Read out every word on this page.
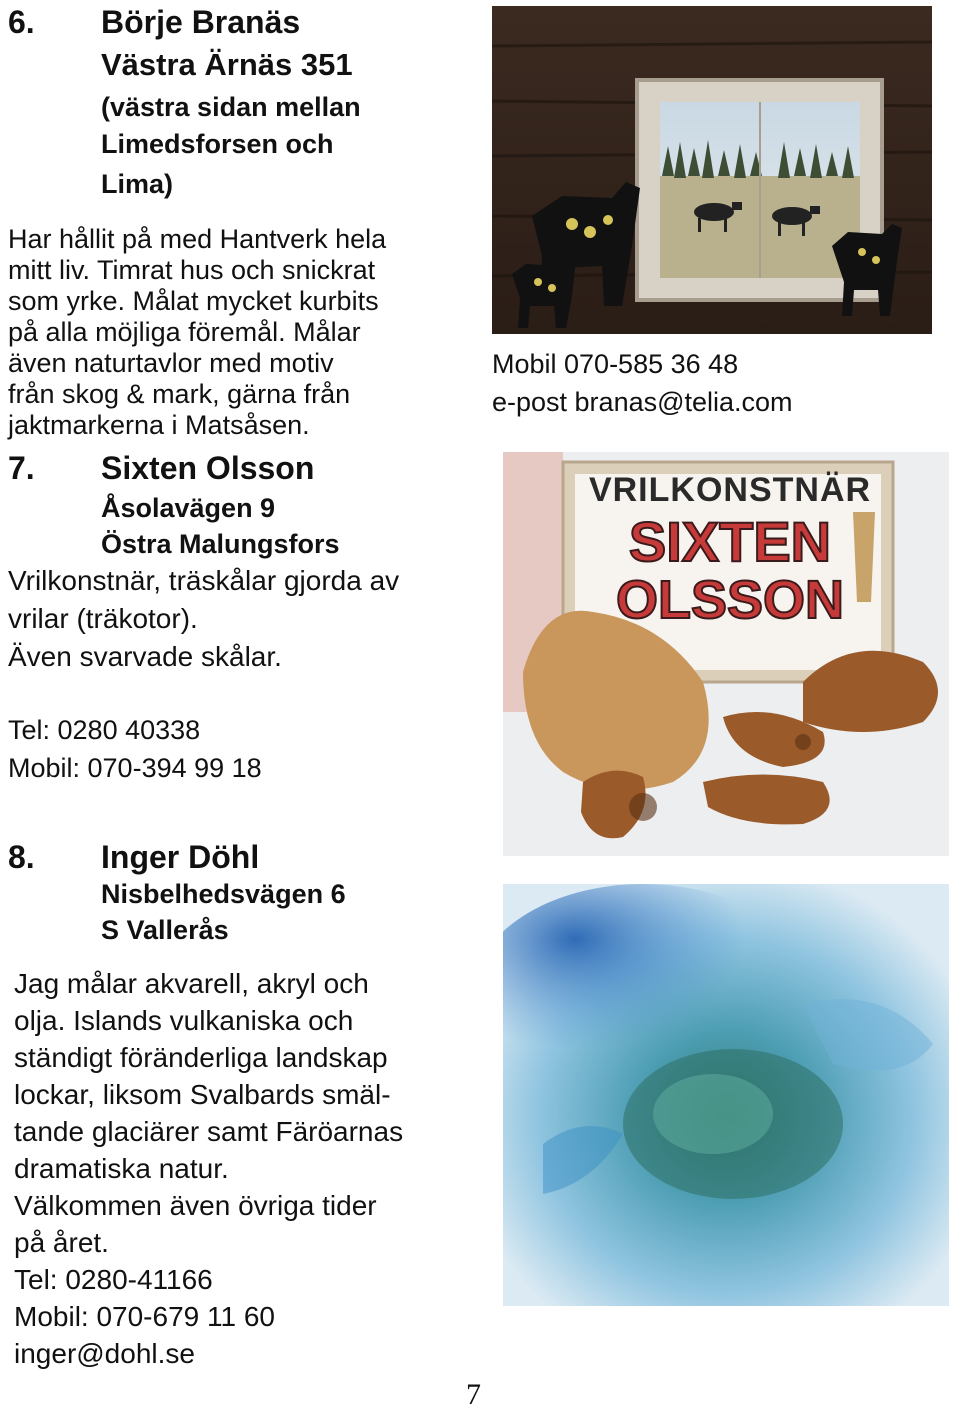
6. Börje Branäs
Västra Ärnäs 351
(västra sidan mellan
Limedsforsen och
Lima)
Har hållit på med Hantverk hela
mitt liv. Timrat hus och snickrat
som yrke. Målat mycket kurbits
på alla möjliga föremål. Målar
även naturtavlor med motiv
från skog & mark, gärna från
jaktmarkerna i Matsåsen.
Mobil 070-585 36 48
e-post branas@telia.com
7. Sixten Olsson
Åsolavägen 9
Östra Malungsfors
Vrilkonstnär, träskålar gjorda av
vrilar (träkotor).
Även svarvade skålar.
Tel: 0280 40338
Mobil: 070-394 99 18
VRILKONSTNÄR
SIXTEN
OLSSON
8. Inger Döhl
Nisbelhedsvägen 6
S Vallerås
Jag målar akvarell, akryl och
olja. Islands vulkaniska och
ständigt föränderliga landskap
lockar, liksom Svalbards smäl-
tande glaciärer samt Färöarnas
dramatiska natur.
Välkommen även övriga tider
på året.
Tel: 0280-41166
Mobil: 070-679 11 60
inger@dohl.se
7
